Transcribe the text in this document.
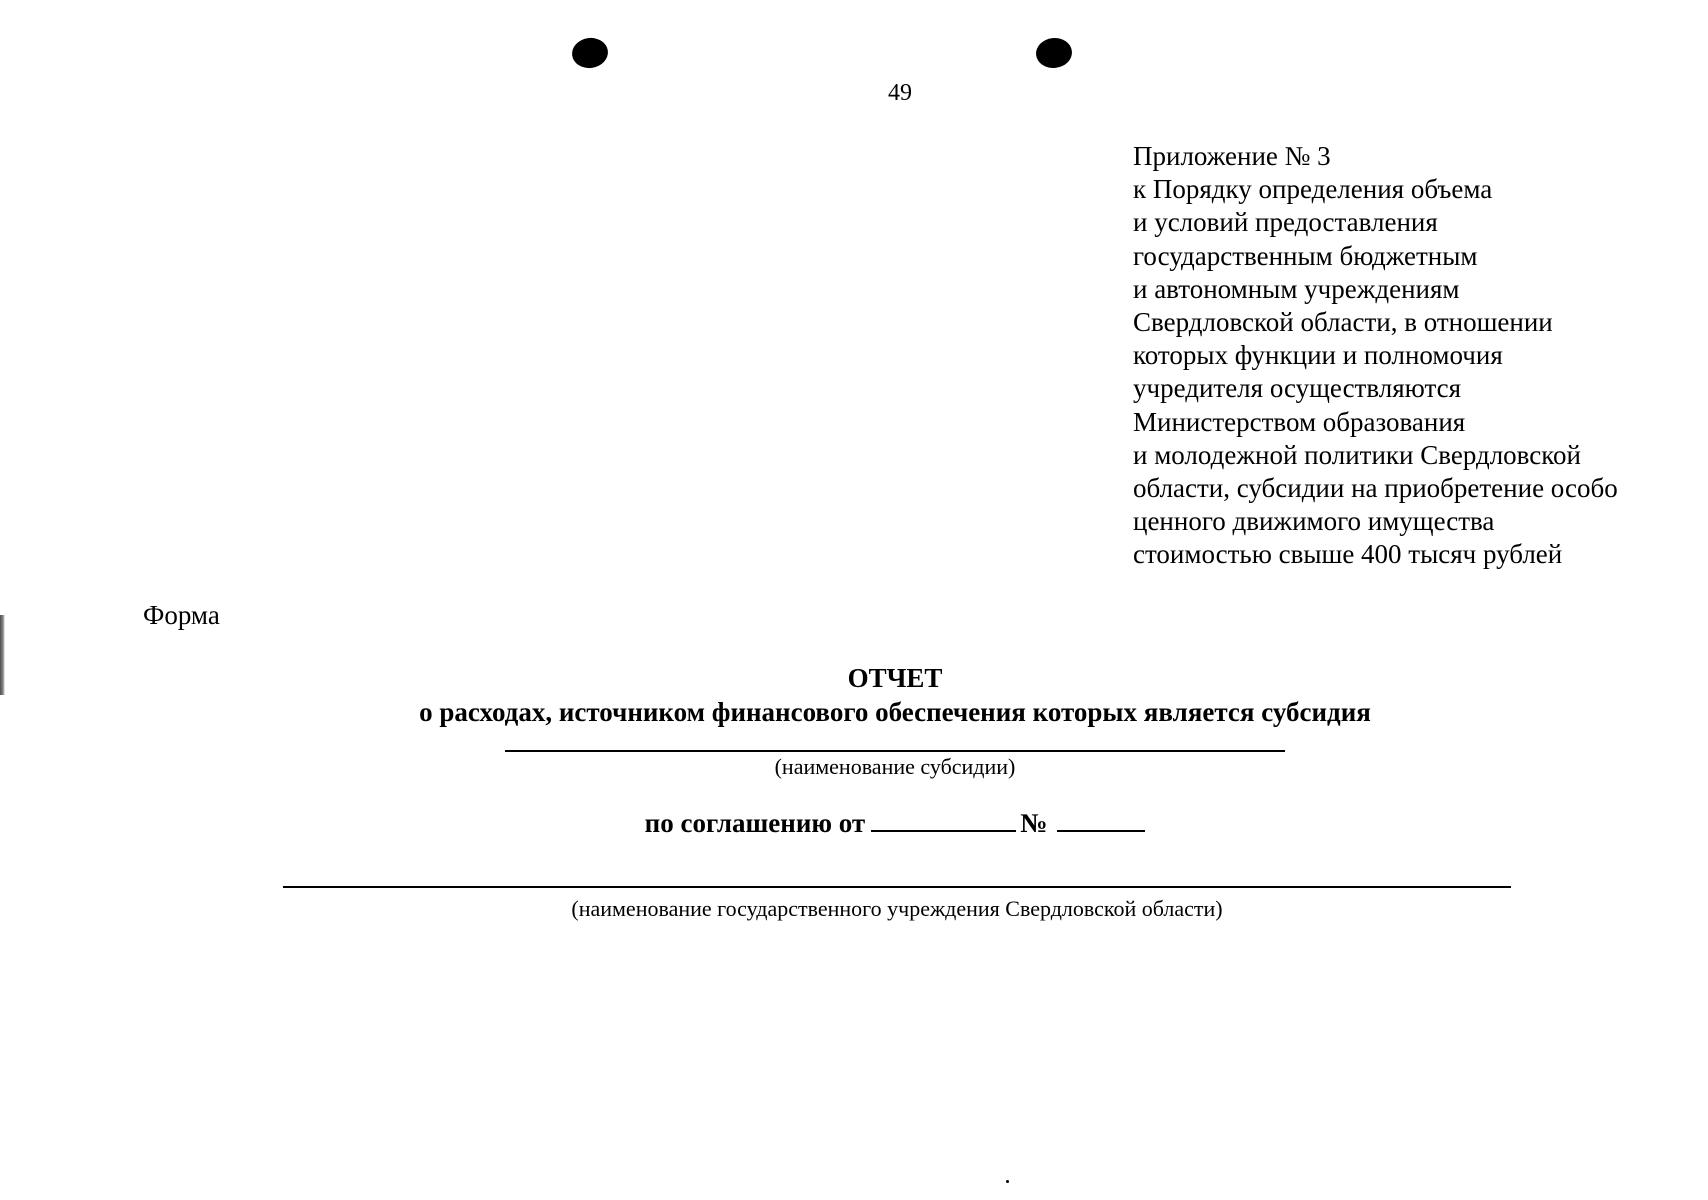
49
Приложение № 3
к Порядку определения объема
и условий предоставления
государственным бюджетным
и автономным учреждениям
Свердловской области, в отношении
которых функции и полномочия
учредителя осуществляются
Министерством образования
и молодежной политики Свердловской
области, субсидии на приобретение особо
ценного движимого имущества
стоимостью свыше 400 тысяч рублей
Форма
ОТЧЕТ
о расходах, источником финансового обеспечения которых является субсидия
(наименование субсидии)
по соглашению от	№
(наименование государственного учреждения Свердловской области)
